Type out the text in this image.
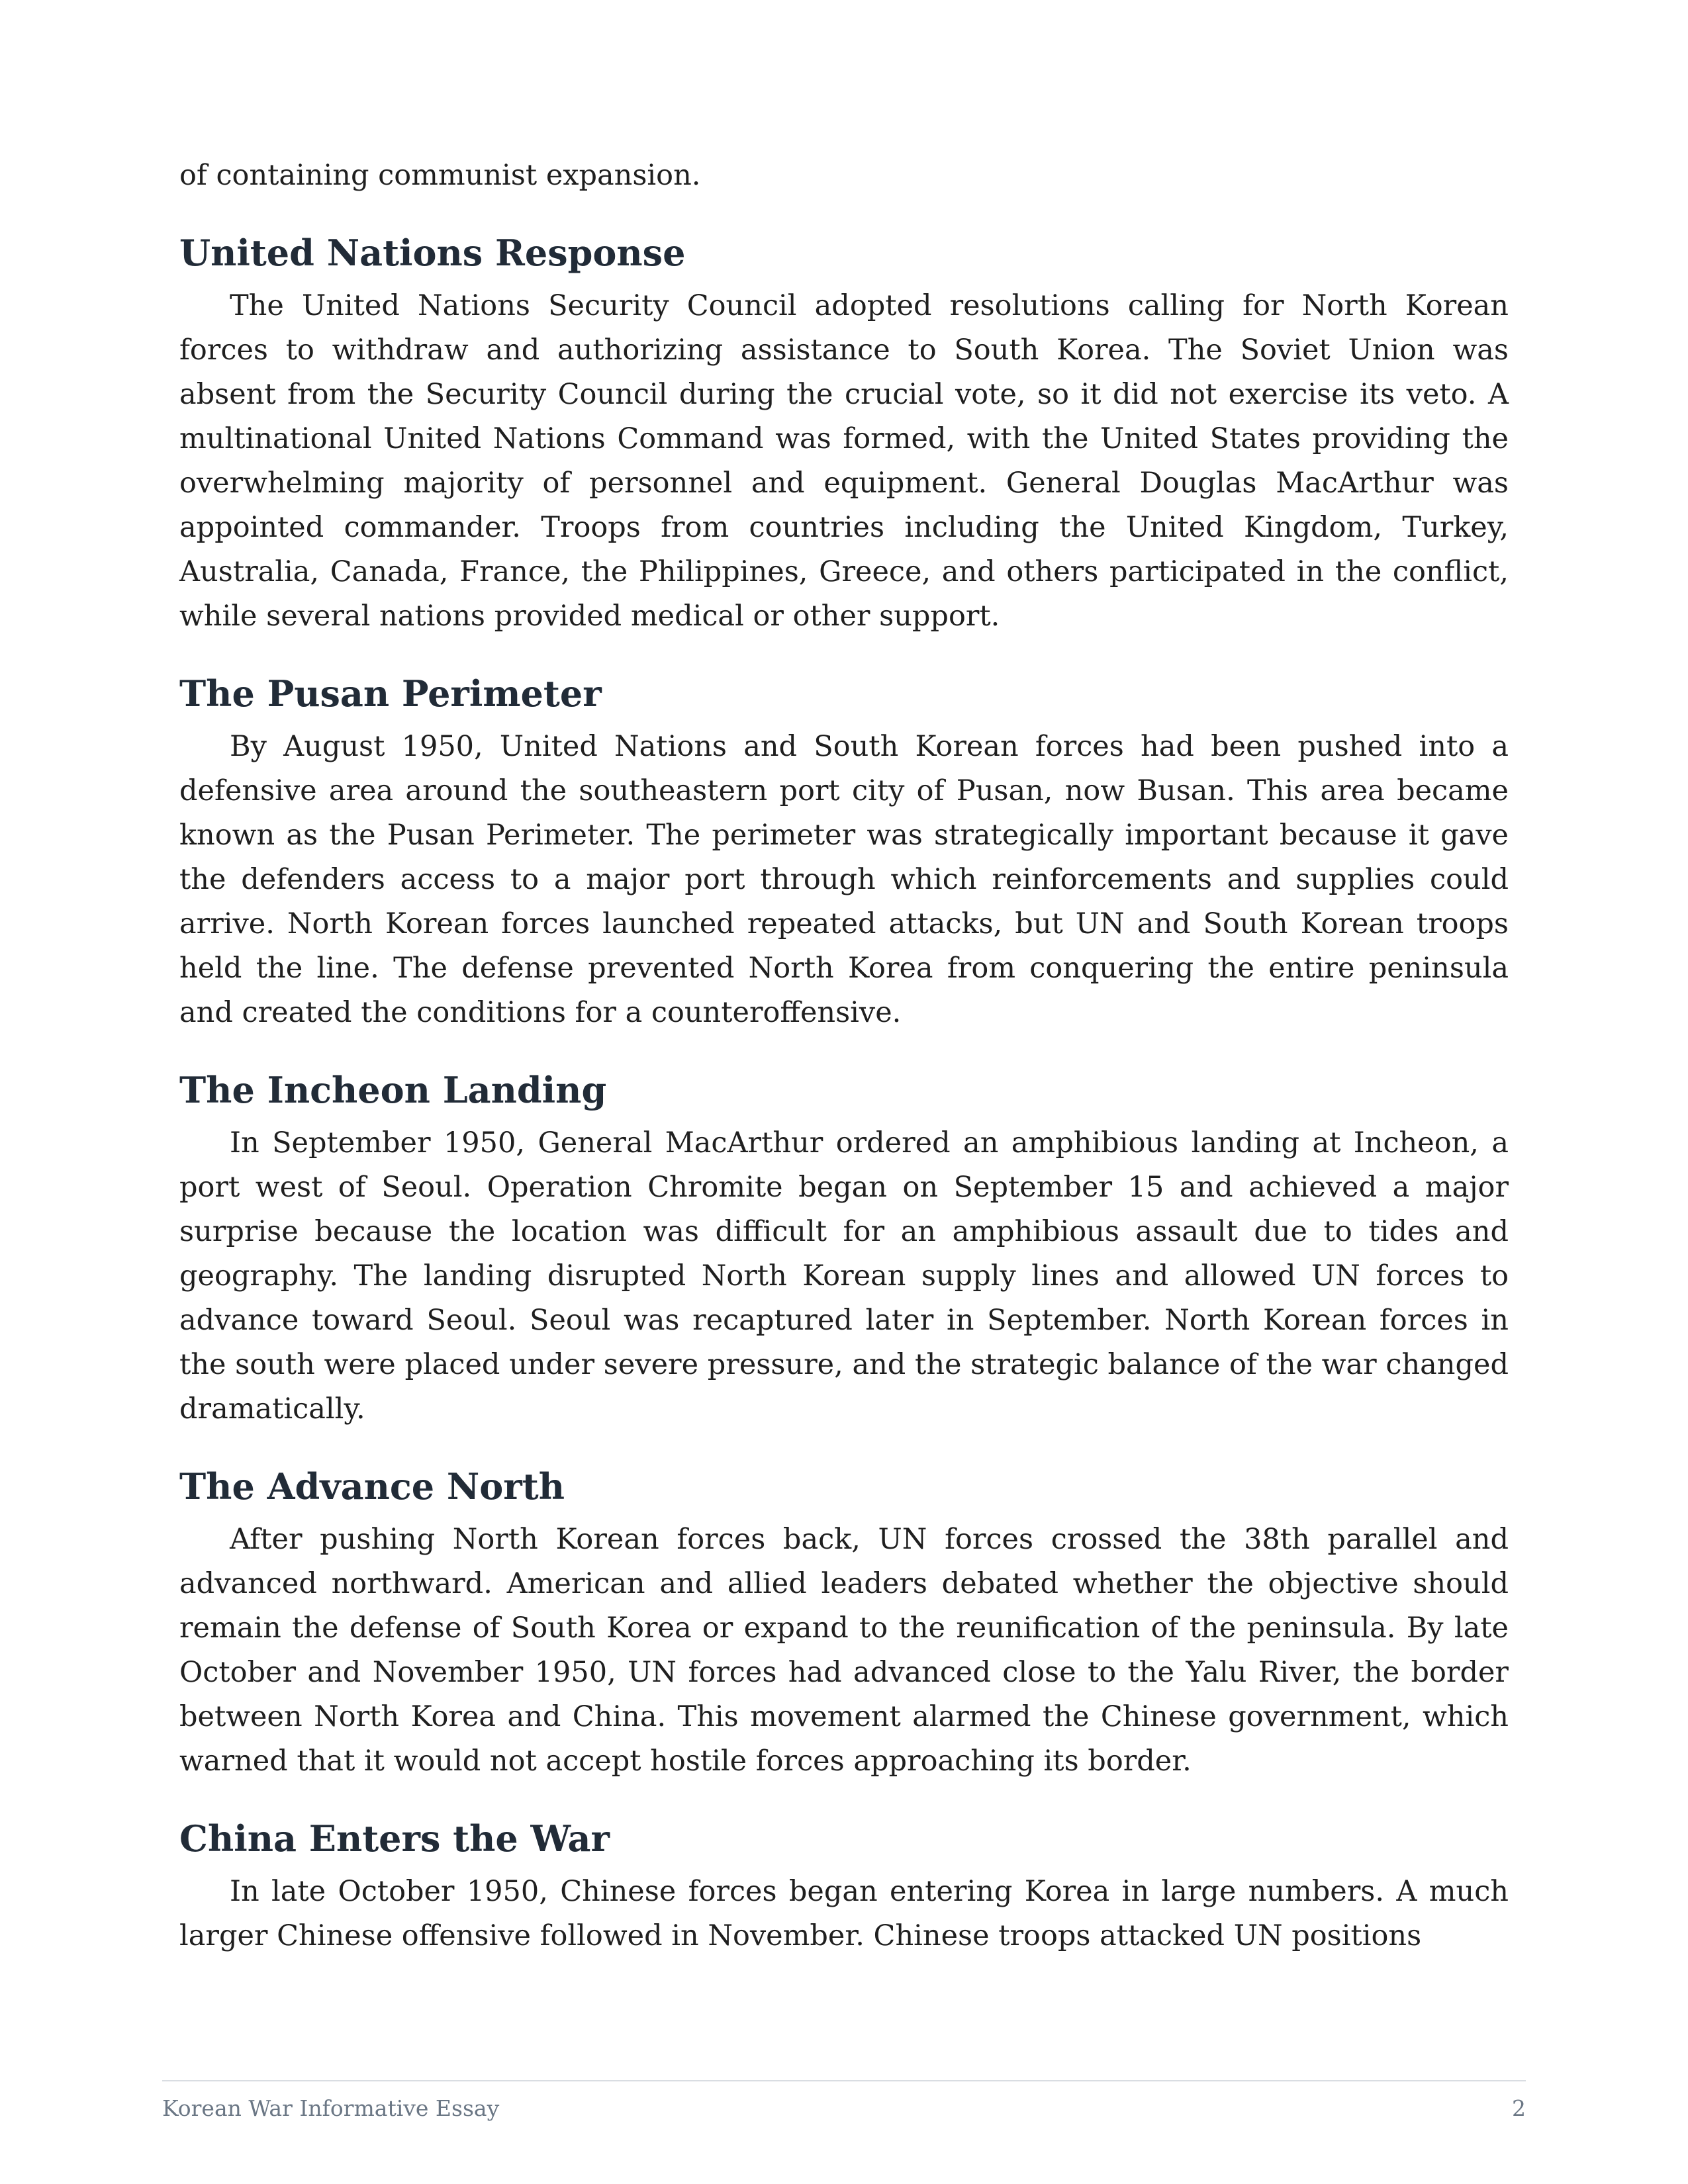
of containing communist expansion.

United Nations Response

The United Nations Security Council adopted resolutions calling for North Korean forces to withdraw and authorizing assistance to South Korea. The Soviet Union was absent from the Security Council during the crucial vote, so it did not exercise its veto. A multinational United Nations Command was formed, with the United States providing the overwhelming majority of personnel and equipment. General Douglas MacArthur was appointed commander. Troops from countries including the United Kingdom, Turkey, Australia, Canada, France, the Philippines, Greece, and others participated in the conflict, while several nations provided medical or other support.

The Pusan Perimeter

By August 1950, United Nations and South Korean forces had been pushed into a defensive area around the southeastern port city of Pusan, now Busan. This area became known as the Pusan Perimeter. The perimeter was strategically important because it gave the defenders access to a major port through which reinforcements and supplies could arrive. North Korean forces launched repeated attacks, but UN and South Korean troops held the line. The defense prevented North Korea from conquering the entire peninsula and created the conditions for a counteroffensive.

The Incheon Landing

In September 1950, General MacArthur ordered an amphibious landing at Incheon, a port west of Seoul. Operation Chromite began on September 15 and achieved a major surprise because the location was difficult for an amphibious assault due to tides and geography. The landing disrupted North Korean supply lines and allowed UN forces to advance toward Seoul. Seoul was recaptured later in September. North Korean forces in the south were placed under severe pressure, and the strategic balance of the war changed dramatically.

The Advance North

After pushing North Korean forces back, UN forces crossed the 38th parallel and advanced northward. American and allied leaders debated whether the objective should remain the defense of South Korea or expand to the reunification of the peninsula. By late October and November 1950, UN forces had advanced close to the Yalu River, the border between North Korea and China. This movement alarmed the Chinese government, which warned that it would not accept hostile forces approaching its border.

China Enters the War

In late October 1950, Chinese forces began entering Korea in large numbers. A much larger Chinese offensive followed in November. Chinese troops attacked UN positions

Korean War Informative Essay	2
